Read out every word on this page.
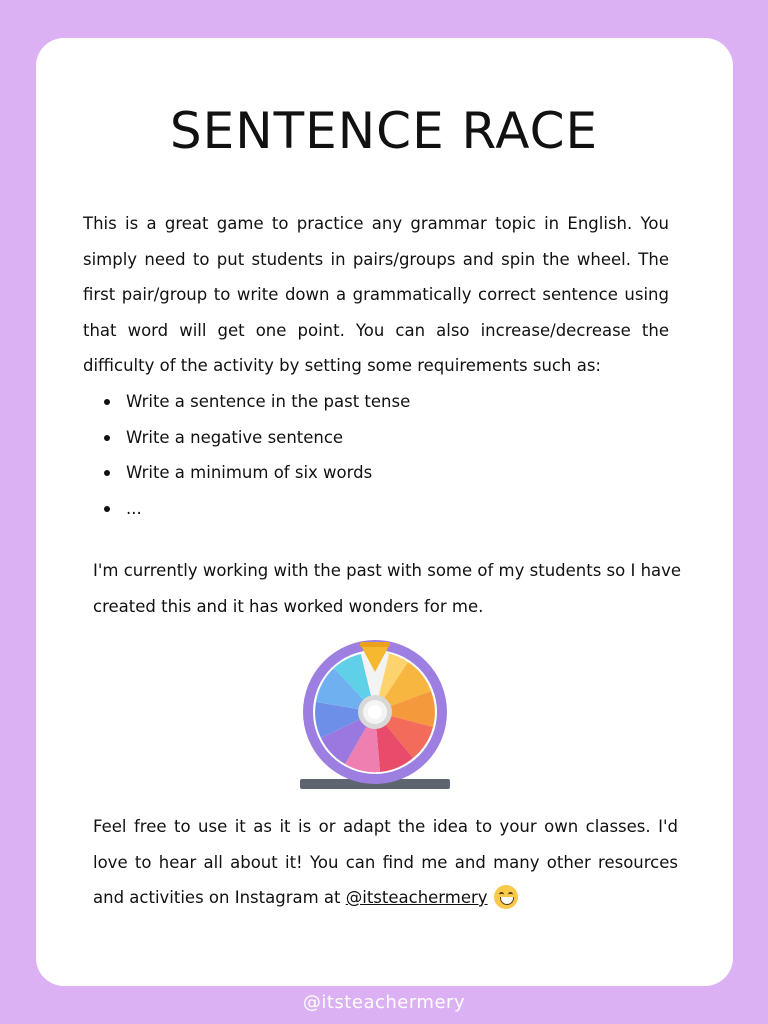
SENTENCE RACE

This is a great game to practice any grammar topic in English. You simply need to put students in pairs/groups and spin the wheel. The first pair/group to write down a grammatically correct sentence using that word will get one point. You can also increase/decrease the difficulty of the activity by setting some requirements such as:

Write a sentence in the past tense
Write a negative sentence
Write a minimum of six words
...

I'm currently working with the past with some of my students so I have created this and it has worked wonders for me.

Feel free to use it as it is or adapt the idea to your own classes. I'd love to hear all about it! You can find me and many other resources and activities on Instagram at @itsteachermery

@itsteachermery
